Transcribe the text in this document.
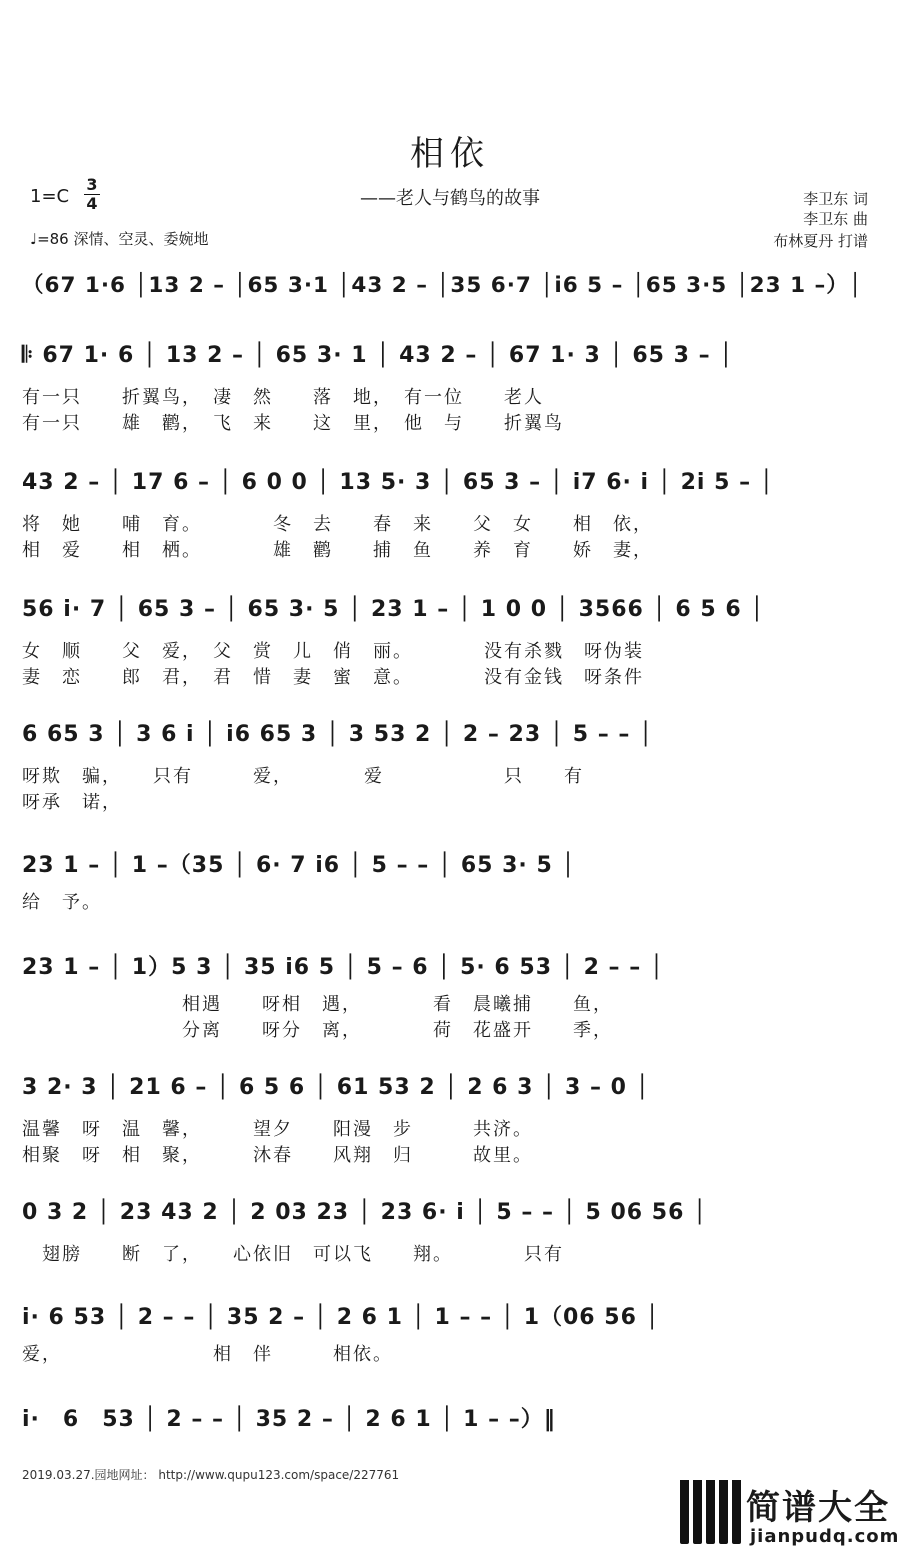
相依
——老人与鹤鸟的故事
1=C
3
4
♩=86 深情、空灵、委婉地
李卫东 词
李卫东 曲
布林夏丹 打谱
（67 1·6 │13 2 – │65 3·1 │43 2 – │35 6·7 │i6 5 – │65 3·5 │23 1 –）│
𝄆 67 1· 6 │ 13 2 – │ 65 3· 1 │ 43 2 – │ 67 1· 3 │ 65 3 – │
有一只　　折翼鸟，　凄　然　　落　地，　有一位　　老人
有一只　　雄　鹳，　飞　来　　这　里，　他　与　　折翼鸟
43 2 – │ 17 6 – │ 6 0 0 │ 13 5· 3 │ 65 3 – │ i7 6· i │ 2i 5 – │
将　她　　哺　育。　　　　冬　去　　春　来　　父　女　　相　依，
相　爱　　相　栖。　　　　雄　鹳　　捕　鱼　　养　育　　娇　妻，
56 i· 7 │ 65 3 – │ 65 3· 5 │ 23 1 – │ 1 0 0 │ 3566 │ 6 5 6 │
女　顺　　父　爱，　父　赏　儿　俏　丽。　　　　没有杀戮　呀伪装
妻　恋　　郎　君，　君　惜　妻　蜜　意。　　　　没有金钱　呀条件
6 65 3 │ 3 6 i │ i6 65 3 │ 3 53 2 │ 2 – 23 │ 5 – – │
呀欺　骗，　　只有　　　爱，　　　　爱　　　　　　只　　有
呀承　诺，
23 1 – │ 1 –（35 │ 6· 7 i6 │ 5 – – │ 65 3· 5 │
给　予。
23 1 – │ 1）5 3 │ 35 i6 5 │ 5 – 6 │ 5· 6 53 │ 2 – – │
　　　　　　　　相遇　　呀相　遇，　　　　看　晨曦捕　　鱼，
　　　　　　　　分离　　呀分　离，　　　　荷　花盛开　　季，
3 2· 3 │ 21 6 – │ 6 5 6 │ 61 53 2 │ 2 6 3 │ 3 – 0 │
温馨　呀　温　馨，　　　望夕　　阳漫　步　　　共济。
相聚　呀　相　聚，　　　沐春　　风翔　归　　　故里。
0 3 2 │ 23 43 2 │ 2 03 23 │ 23 6· i │ 5 – – │ 5 06 56 │
　翅膀　　断　了，　　心依旧　可以飞　　翔。　　　　只有
i· 6 53 │ 2 – – │ 35 2 – │ 2 6 1 │ 1 – – │ 1（06 56 │
爱，　　　　　　　　相　伴　　　相依。
i·　6　53 │ 2 – – │ 35 2 – │ 2 6 1 │ 1 – –）‖
2019.03.27.园地网址： http://www.qupu123.com/space/227761
简谱大全
jianpudq.com
